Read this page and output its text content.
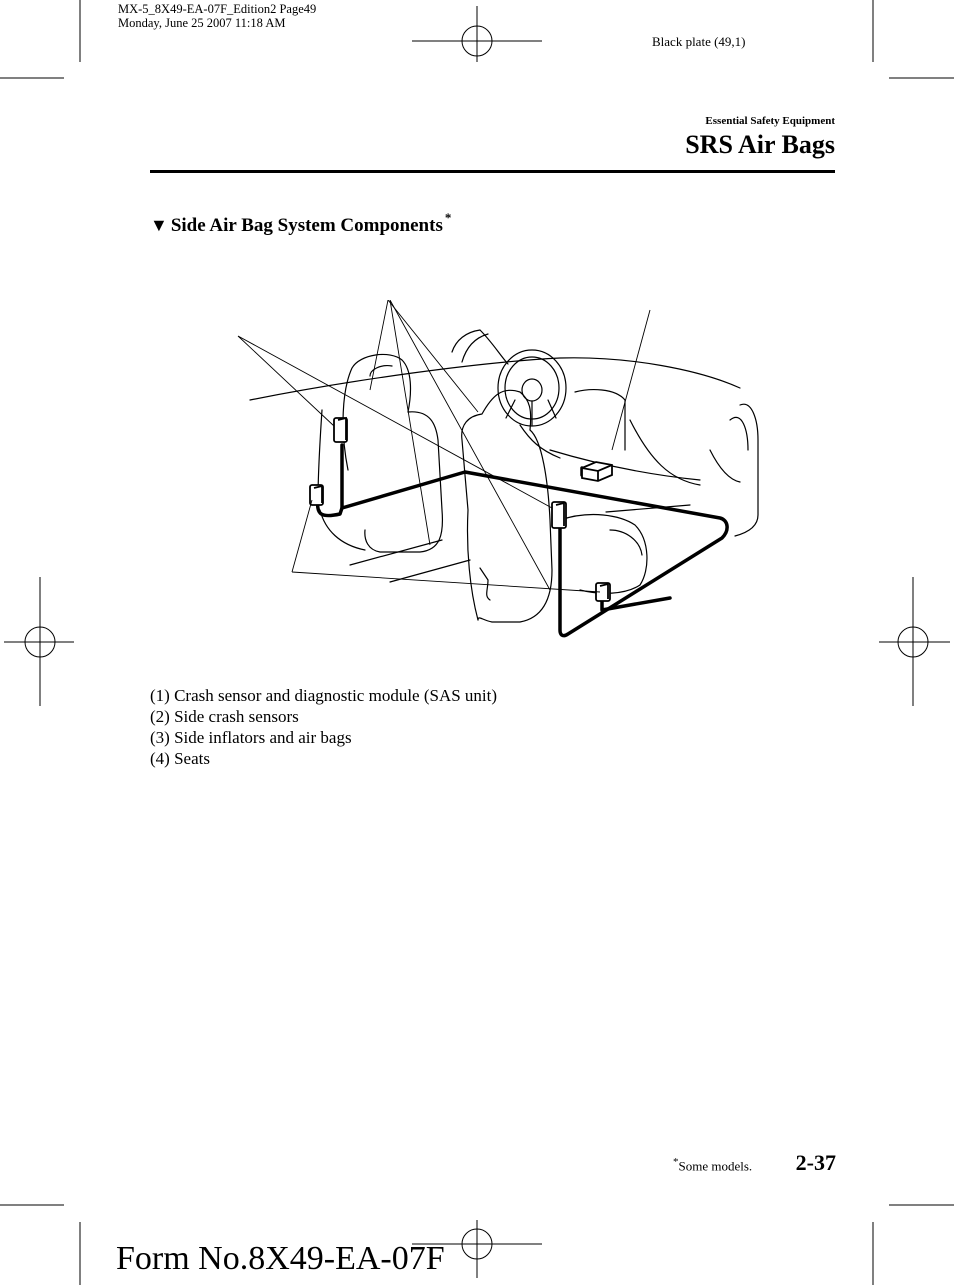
MX-5_8X49-EA-07F_Edition2 Page49
Monday, June 25 2007 11:18 AM
Black plate (49,1)
Essential Safety Equipment
SRS Air Bags
▼ Side Air Bag System Components *
(1) Crash sensor and diagnostic module (SAS unit)
(2) Side crash sensors
(3) Side inflators and air bags
(4) Seats
*Some models. 2-37
Form No.8X49-EA-07F
